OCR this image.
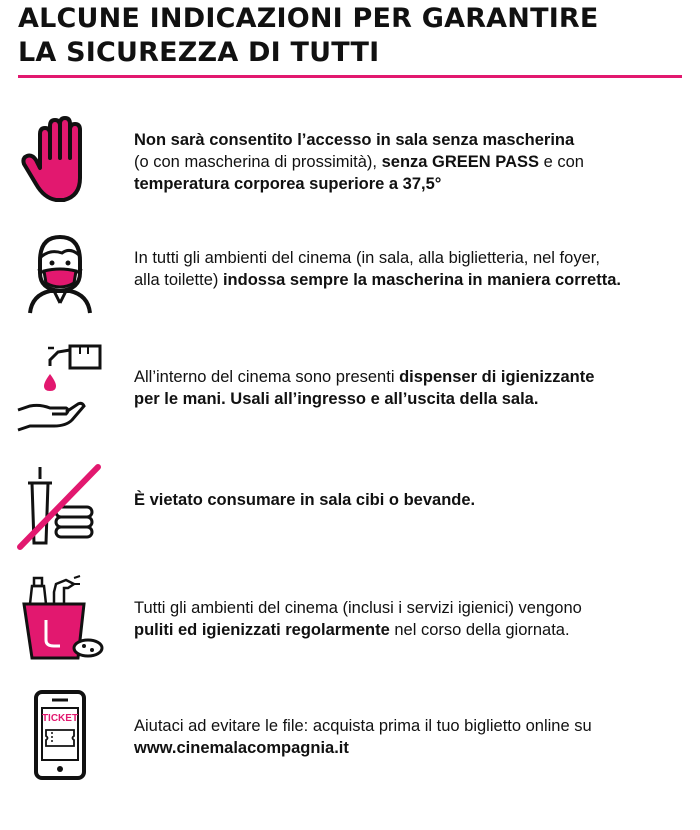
ALCUNE INDICAZIONI PER GARANTIRE
LA SICUREZZA DI TUTTI
Non sarà consentito l’accesso in sala senza mascherina
(o con mascherina di prossimità), senza GREEN PASS e con
temperatura corporea superiore a 37,5°
In tutti gli ambienti del cinema (in sala, alla biglietteria, nel foyer,
alla toilette) indossa sempre la mascherina in maniera corretta.
All’interno del cinema sono presenti dispenser di igienizzante
per le mani. Usali all’ingresso e all’uscita della sala.
È vietato consumare in sala cibi o bevande.
Tutti gli ambienti del cinema (inclusi i servizi igienici) vengono
puliti ed igienizzati regolarmente nel corso della giornata.
TICKET	Aiutaci ad evitare le file: acquista prima il tuo biglietto online su
www.cinemalacompagnia.it
